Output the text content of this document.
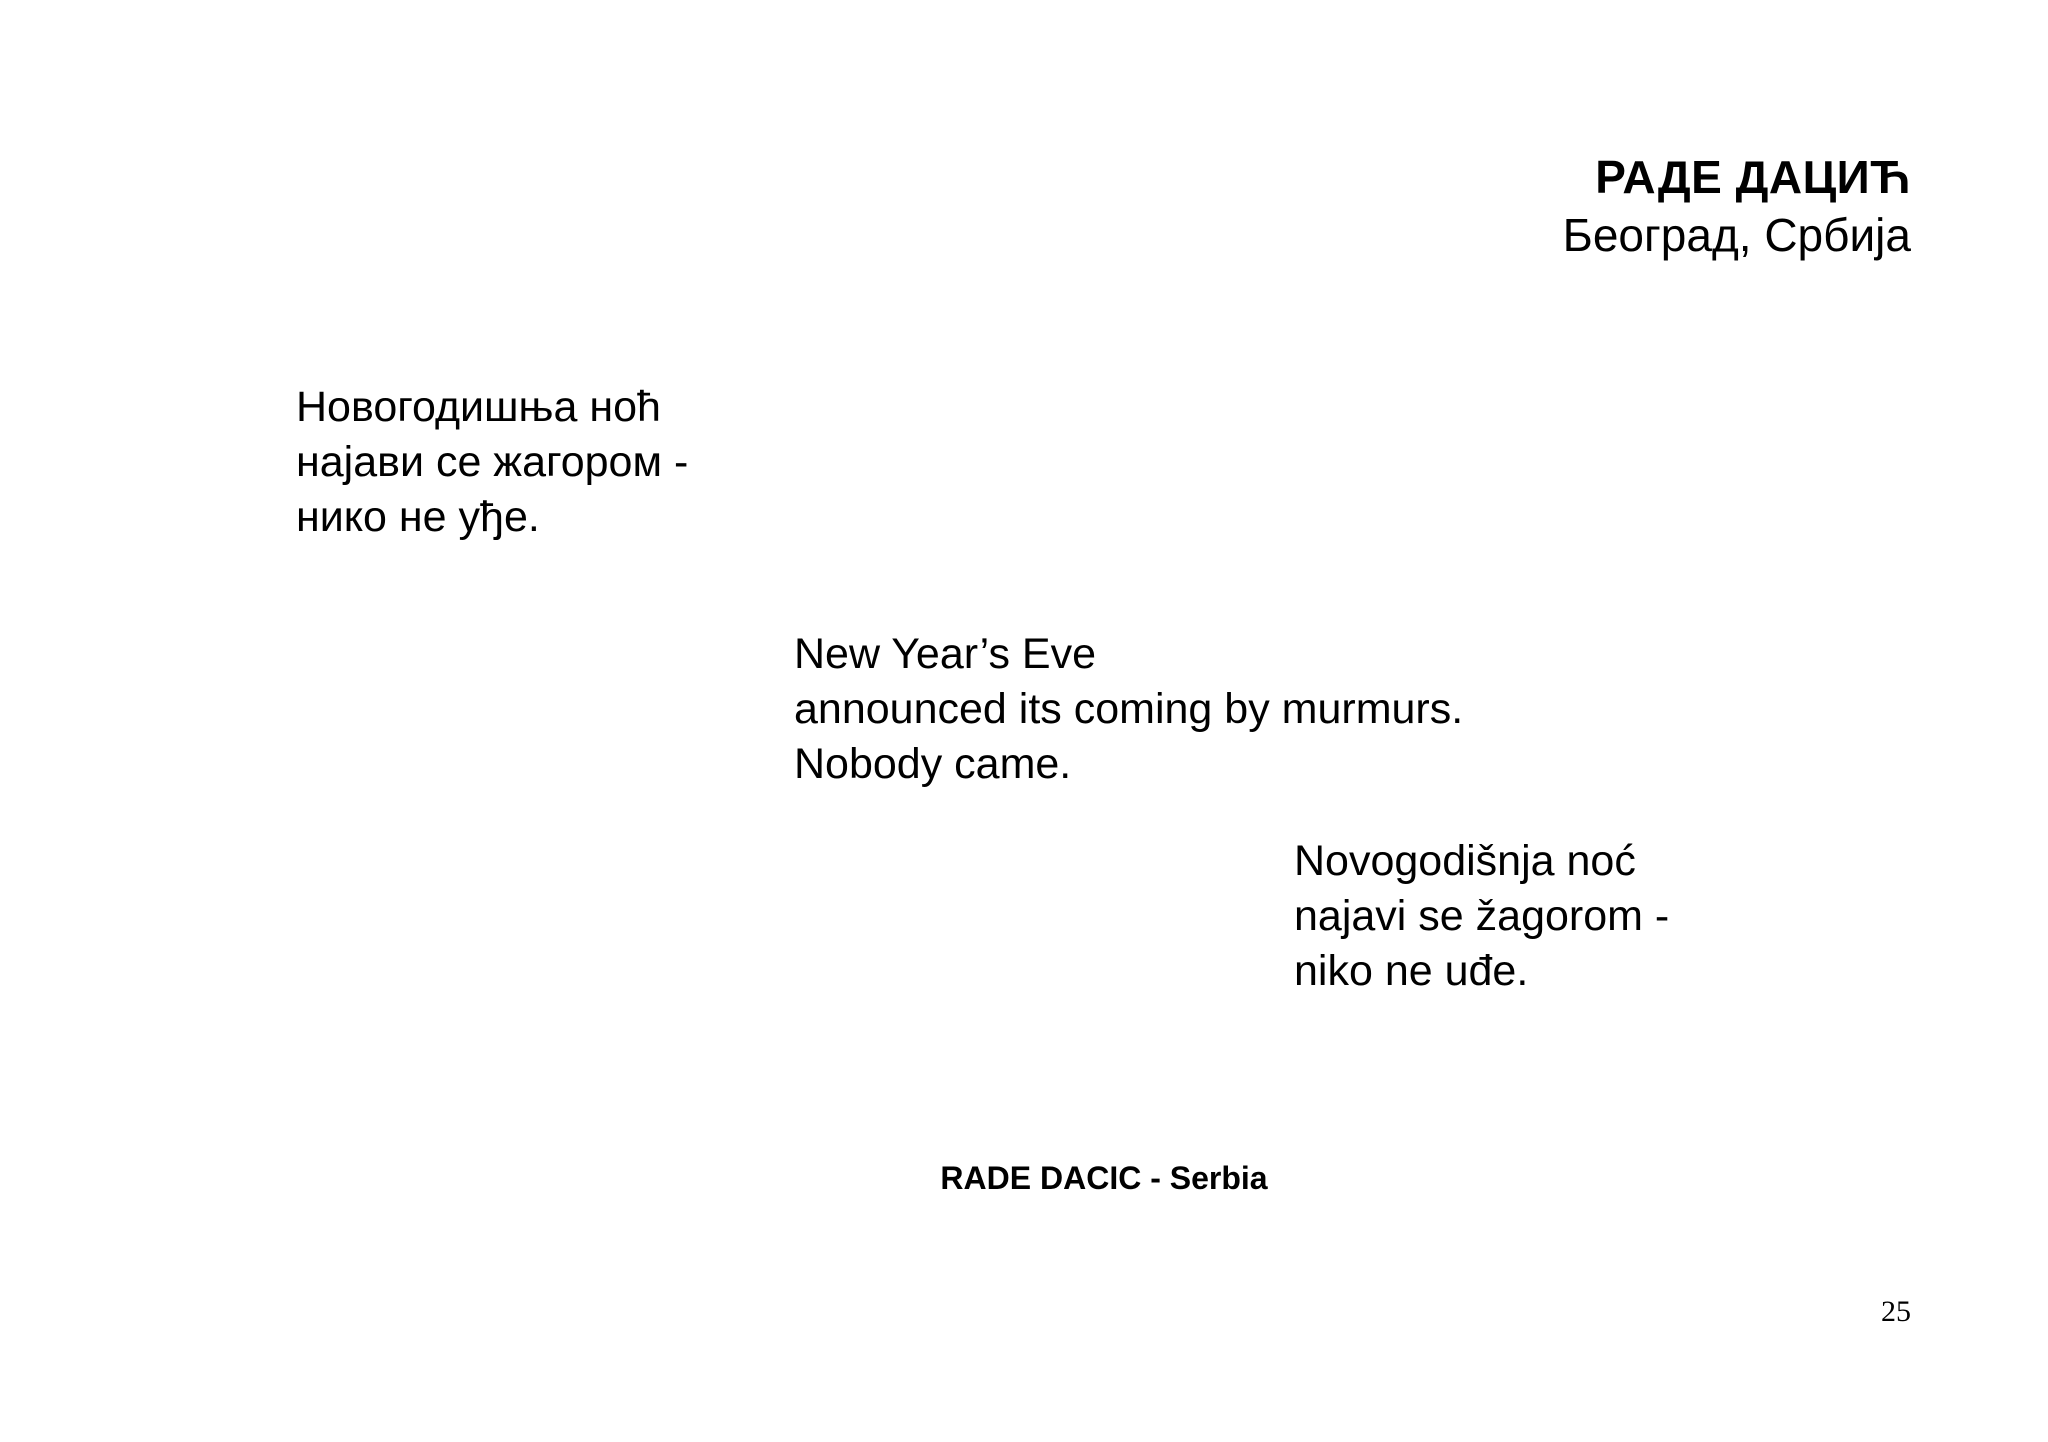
РАДЕ ДАЦИЋ
Београд, Србија
Новогодишња ноћ
најави се жагором -
нико не уђе.
New Year’s Eve
announced its coming by murmurs.
Nobody came.
Novogodišnja noć
najavi se žagorom -
niko ne uđe.
RADE DACIC - Serbia
25
